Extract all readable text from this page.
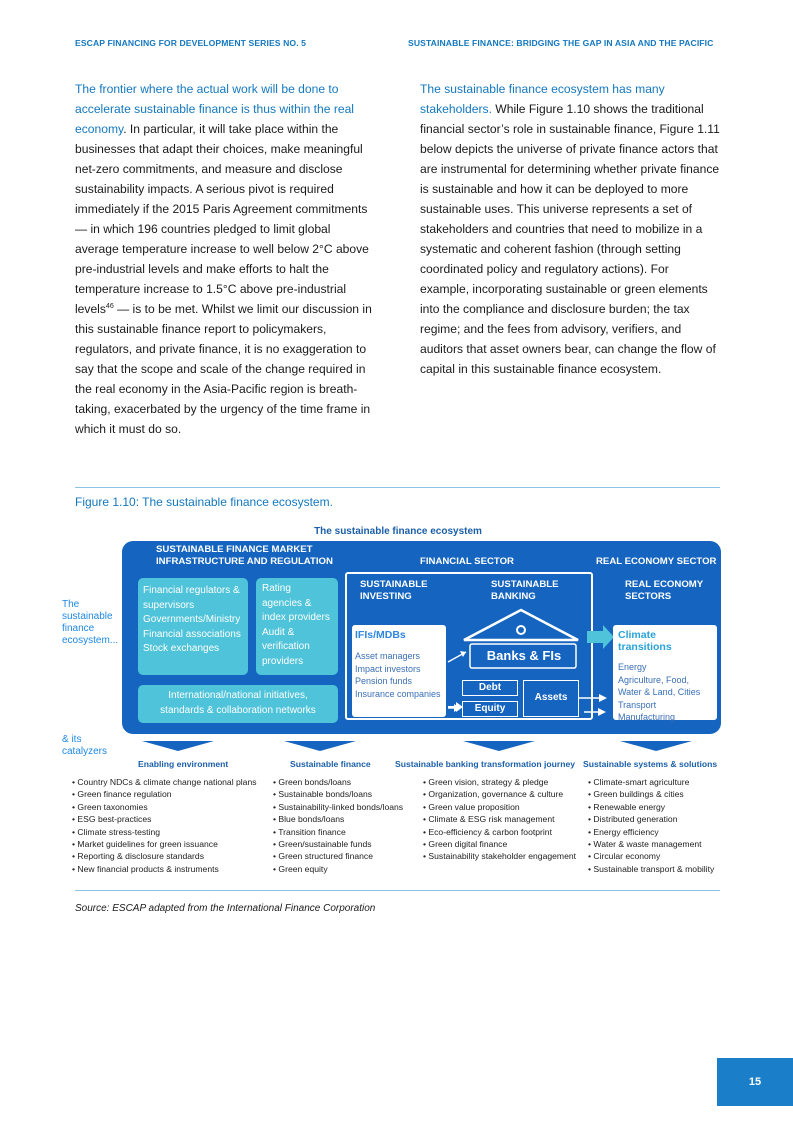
ESCAP FINANCING FOR DEVELOPMENT SERIES NO. 5	SUSTAINABLE FINANCE: BRIDGING THE GAP IN ASIA AND THE PACIFIC
The frontier where the actual work will be done to accelerate sustainable finance is thus within the real economy. In particular, it will take place within the businesses that adapt their choices, make meaningful net-zero commitments, and measure and disclose sustainability impacts. A serious pivot is required immediately if the 2015 Paris Agreement commitments — in which 196 countries pledged to limit global average temperature increase to well below 2°C above pre-industrial levels and make efforts to halt the temperature increase to 1.5°C above pre-industrial levels$^{46}$ — is to be met. Whilst we limit our discussion in this sustainable finance report to policymakers, regulators, and private finance, it is no exaggeration to say that the scope and scale of the change required in the real economy in the Asia-Pacific region is breath-taking, exacerbated by the urgency of the time frame in which it must do so.
The sustainable finance ecosystem has many stakeholders. While Figure 1.10 shows the traditional financial sector’s role in sustainable finance, Figure 1.11 below depicts the universe of private finance actors that are instrumental for determining whether private finance is sustainable and how it can be deployed to more sustainable uses. This universe represents a set of stakeholders and countries that need to mobilize in a systematic and coherent fashion (through setting coordinated policy and regulatory actions). For example, incorporating sustainable or green elements into the compliance and disclosure burden; the tax regime; and the fees from advisory, verifiers, and auditors that asset owners bear, can change the flow of capital in this sustainable finance ecosystem.
Figure 1.10: The sustainable finance ecosystem.
The sustainable finance ecosystem
The
sustainable
finance
ecosystem...
& its
catalyzers
SUSTAINABLE FINANCE MARKET
INFRASTRUCTURE AND REGULATION	FINANCIAL SECTOR	REAL ECONOMY SECTOR
Financial regulators &
supervisors
Governments/Ministry
Financial associations
Stock exchanges
Rating
agencies &
index providers
Audit &
verification
providers
International/national initiatives,
standards & collaboration networks
SUSTAINABLE
INVESTING
SUSTAINABLE
BANKING
IFIs/MDBs
Asset managers
Impact investors
Pension funds
Insurance companies
Banks & FIs
Debt
Equity
Assets
REAL ECONOMY
SECTORS
Climate transitions
Energy
Agriculture, Food,
Water & Land, Cities
Transport
Manufacturing
Enabling environment	Sustainable finance	Sustainable banking transformation journey Sustainable systems & solutions
• Country NDCs & climate change national plans
• Green finance regulation
• Green taxonomies
• ESG best-practices
• Climate stress-testing
• Market guidelines for green issuance
• Reporting & disclosure standards
• New financial products & instruments
• Green bonds/loans
• Sustainable bonds/loans
• Sustainability-linked bonds/loans
• Blue bonds/loans
• Transition finance
• Green/sustainable funds
• Green structured finance
• Green equity
• Green vision, strategy & pledge
• Organization, governance & culture
• Green value proposition
• Climate & ESG risk management
• Eco-efficiency & carbon footprint
• Green digital finance
• Sustainability stakeholder engagement
• Climate-smart agriculture
• Green buildings & cities
• Renewable energy
• Distributed generation
• Energy efficiency
• Water & waste management
• Circular economy
• Sustainable transport & mobility
Source: ESCAP adapted from the International Finance Corporation
15
